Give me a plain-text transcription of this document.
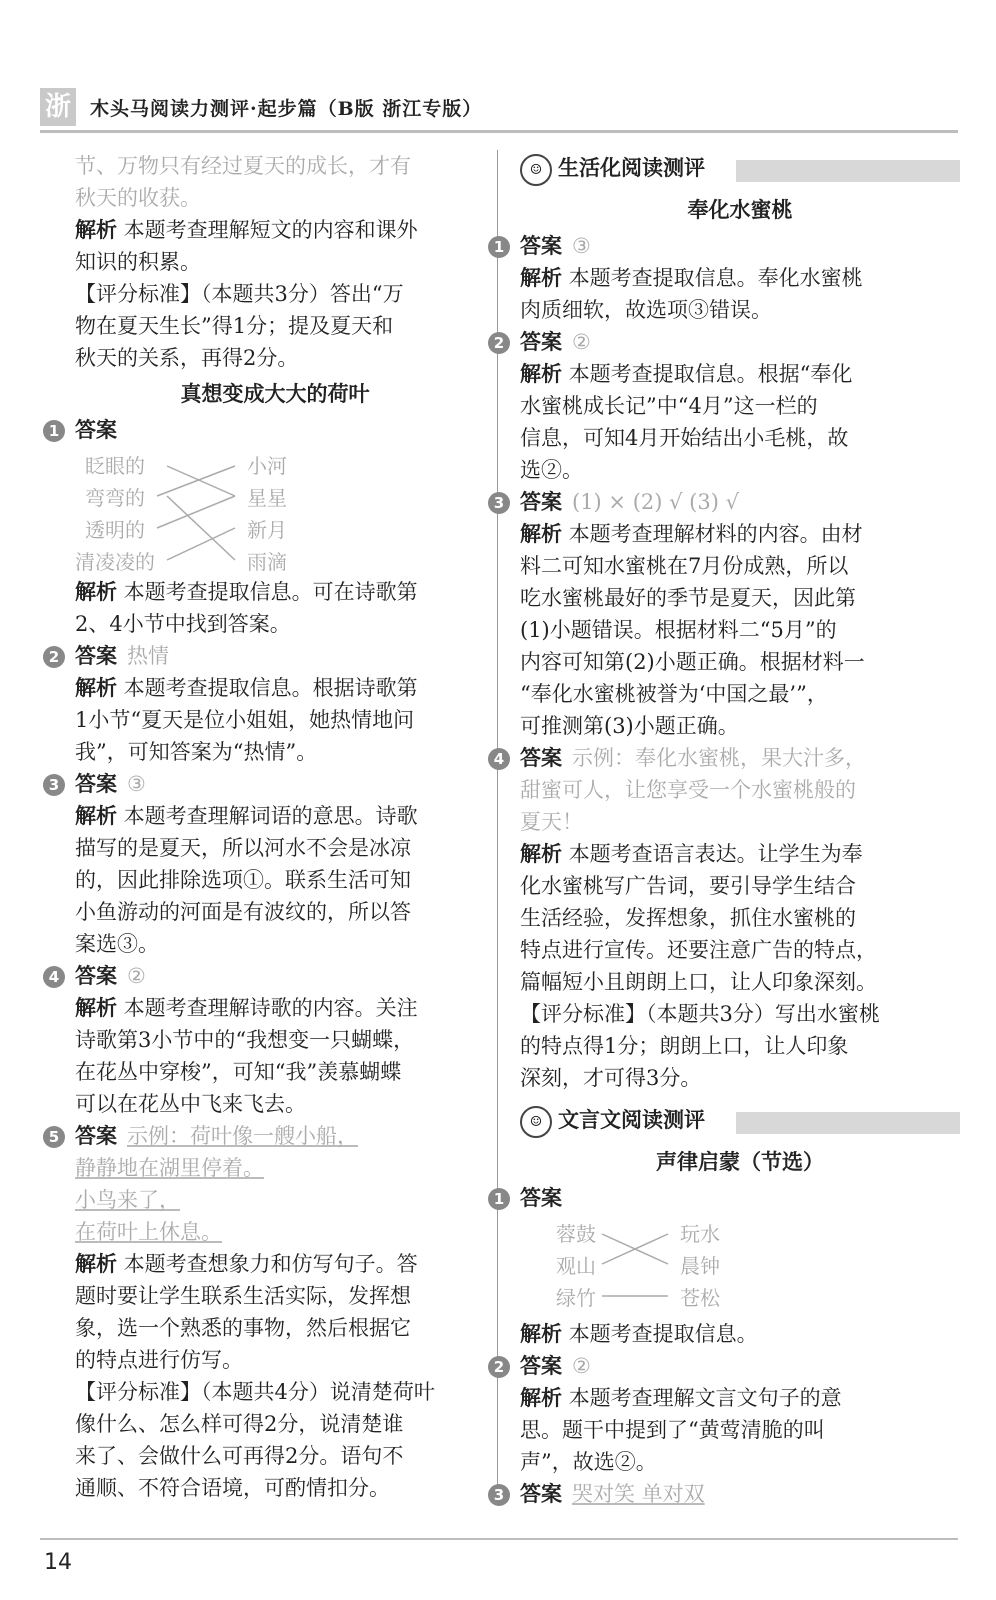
浙 木头马阅读力测评·起步篇（B版 浙江专版）
节、万物只有经过夏天的成长，才有
秋天的收获。
解析 本题考查理解短文的内容和课外
知识的积累。
【评分标准】（本题共3分）答出“万
物在夏天生长”得1分；提及夏天和
秋天的关系，再得2分。
真想变成大大的荷叶
1 答案
眨眼的
弯弯的
透明的
清凌凌的
小河
星星
新月
雨滴
解析 本题考查提取信息。可在诗歌第
2、4小节中找到答案。
2 答案 热情
解析 本题考查提取信息。根据诗歌第
1小节“夏天是位小姐姐，她热情地问
我”，可知答案为“热情”。
3 答案 ③
解析 本题考查理解词语的意思。诗歌
描写的是夏天，所以河水不会是冰凉
的，因此排除选项①。联系生活可知
小鱼游动的河面是有波纹的，所以答
案选③。
4 答案 ②
解析 本题考查理解诗歌的内容。关注
诗歌第3小节中的“我想变一只蝴蝶，
在花丛中穿梭”，可知“我”羡慕蝴蝶
可以在花丛中飞来飞去。
5 答案 示例：荷叶像一艘小船，
静静地在湖里停着。
小鸟来了，
在荷叶上休息。
解析 本题考查想象力和仿写句子。答
题时要让学生联系生活实际，发挥想
象，选一个熟悉的事物，然后根据它
的特点进行仿写。
【评分标准】（本题共4分）说清楚荷叶
像什么、怎么样可得2分，说清楚谁
来了、会做什么可再得2分。语句不
通顺、不符合语境，可酌情扣分。
☺ 生活化阅读测评
奉化水蜜桃
1 答案 ③
解析 本题考查提取信息。奉化水蜜桃
肉质细软，故选项③错误。
2 答案 ②
解析 本题考查提取信息。根据“奉化
水蜜桃成长记”中“4月”这一栏的
信息，可知4月开始结出小毛桃，故
选②。
3 答案 (1) × (2) √ (3) √
解析 本题考查理解材料的内容。由材
料二可知水蜜桃在7月份成熟，所以
吃水蜜桃最好的季节是夏天，因此第
(1)小题错误。根据材料二“5月”的
内容可知第(2)小题正确。根据材料一
“奉化水蜜桃被誉为‘中国之最’”，
可推测第(3)小题正确。
4 答案 示例：奉化水蜜桃，果大汁多，
甜蜜可人，让您享受一个水蜜桃般的
夏天！
解析 本题考查语言表达。让学生为奉
化水蜜桃写广告词，要引导学生结合
生活经验，发挥想象，抓住水蜜桃的
特点进行宣传。还要注意广告的特点，
篇幅短小且朗朗上口，让人印象深刻。
【评分标准】（本题共3分）写出水蜜桃
的特点得1分；朗朗上口，让人印象
深刻，才可得3分。
☺ 文言文阅读测评
声律启蒙（节选）
1 答案
蓉鼓
观山
绿竹
玩水
晨钟
苍松
解析 本题考查提取信息。
2 答案 ②
解析 本题考查理解文言文句子的意
思。题干中提到了“黄莺清脆的叫
声”，故选②。
3 答案 哭对笑 单对双
14
